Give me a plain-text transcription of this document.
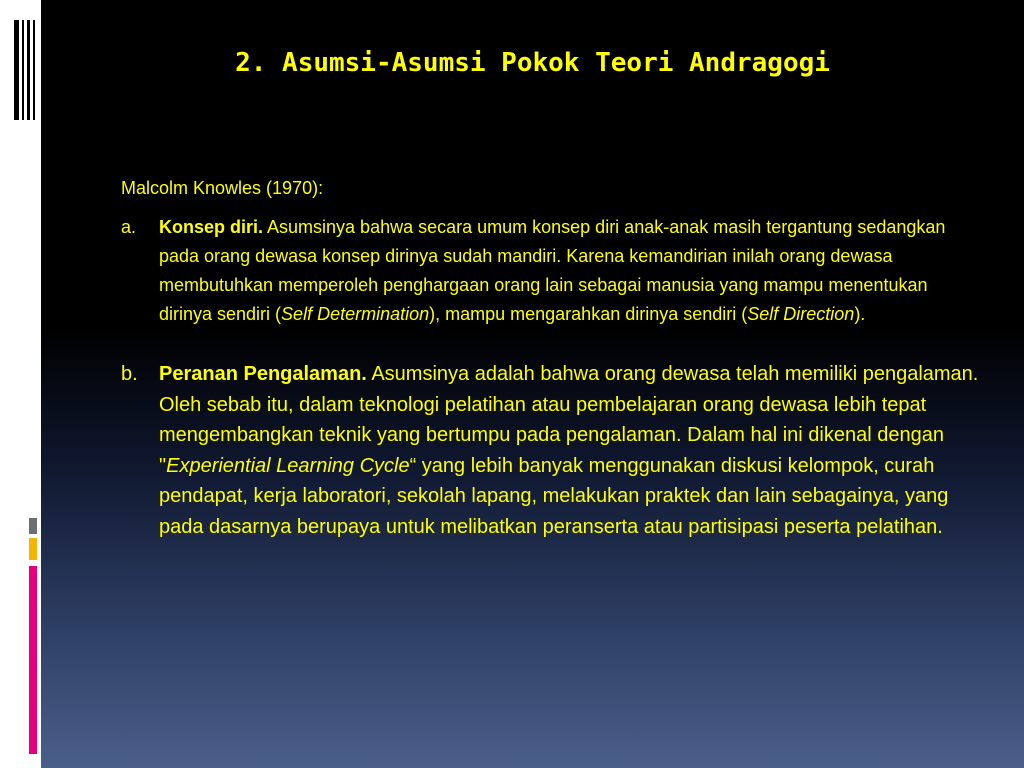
2. Asumsi-Asumsi Pokok Teori Andragogi
Malcolm Knowles (1970):
a. Konsep diri. Asumsinya bahwa secara umum konsep diri anak-anak masih tergantung sedangkan pada orang dewasa konsep dirinya sudah mandiri. Karena kemandirian inilah orang dewasa membutuhkan memperoleh penghargaan orang lain sebagai manusia yang mampu menentukan dirinya sendiri (Self Determination), mampu mengarahkan dirinya sendiri (Self Direction).
b. Peranan Pengalaman. Asumsinya adalah bahwa orang dewasa telah memiliki pengalaman. Oleh sebab itu, dalam teknologi pelatihan atau pembelajaran orang dewasa lebih tepat mengembangkan teknik yang bertumpu pada pengalaman. Dalam hal ini dikenal dengan "Experiential Learning Cycle“ yang lebih banyak menggunakan diskusi kelompok, curah pendapat, kerja laboratori, sekolah lapang, melakukan praktek dan lain sebagainya, yang pada dasarnya berupaya untuk melibatkan peranserta atau partisipasi peserta pelatihan.
